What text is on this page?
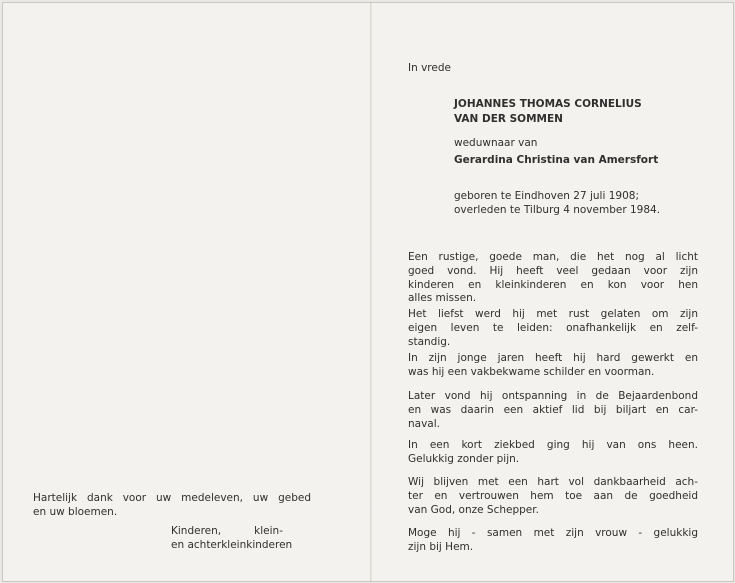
Hartelijk dank voor uw medeleven, uw gebed
en uw bloemen.
Kinderen, klein-
en achterkleinkinderen
In vrede
JOHANNES THOMAS CORNELIUS
VAN DER SOMMEN
weduwnaar van
Gerardina Christina van Amersfort
geboren te Eindhoven 27 juli 1908;
overleden te Tilburg 4 november 1984.
Een rustige, goede man, die het nog al licht
goed vond. Hij heeft veel gedaan voor zijn
kinderen en kleinkinderen en kon voor hen
alles missen.
Het liefst werd hij met rust gelaten om zijn
eigen leven te leiden: onafhankelijk en zelf-
standig.
In zijn jonge jaren heeft hij hard gewerkt en
was hij een vakbekwame schilder en voorman.
Later vond hij ontspanning in de Bejaardenbond
en was daarin een aktief lid bij biljart en car-
naval.
In een kort ziekbed ging hij van ons heen.
Gelukkig zonder pijn.
Wij blijven met een hart vol dankbaarheid ach-
ter en vertrouwen hem toe aan de goedheid
van God, onze Schepper.
Moge hij - samen met zijn vrouw - gelukkig
zijn bij Hem.
